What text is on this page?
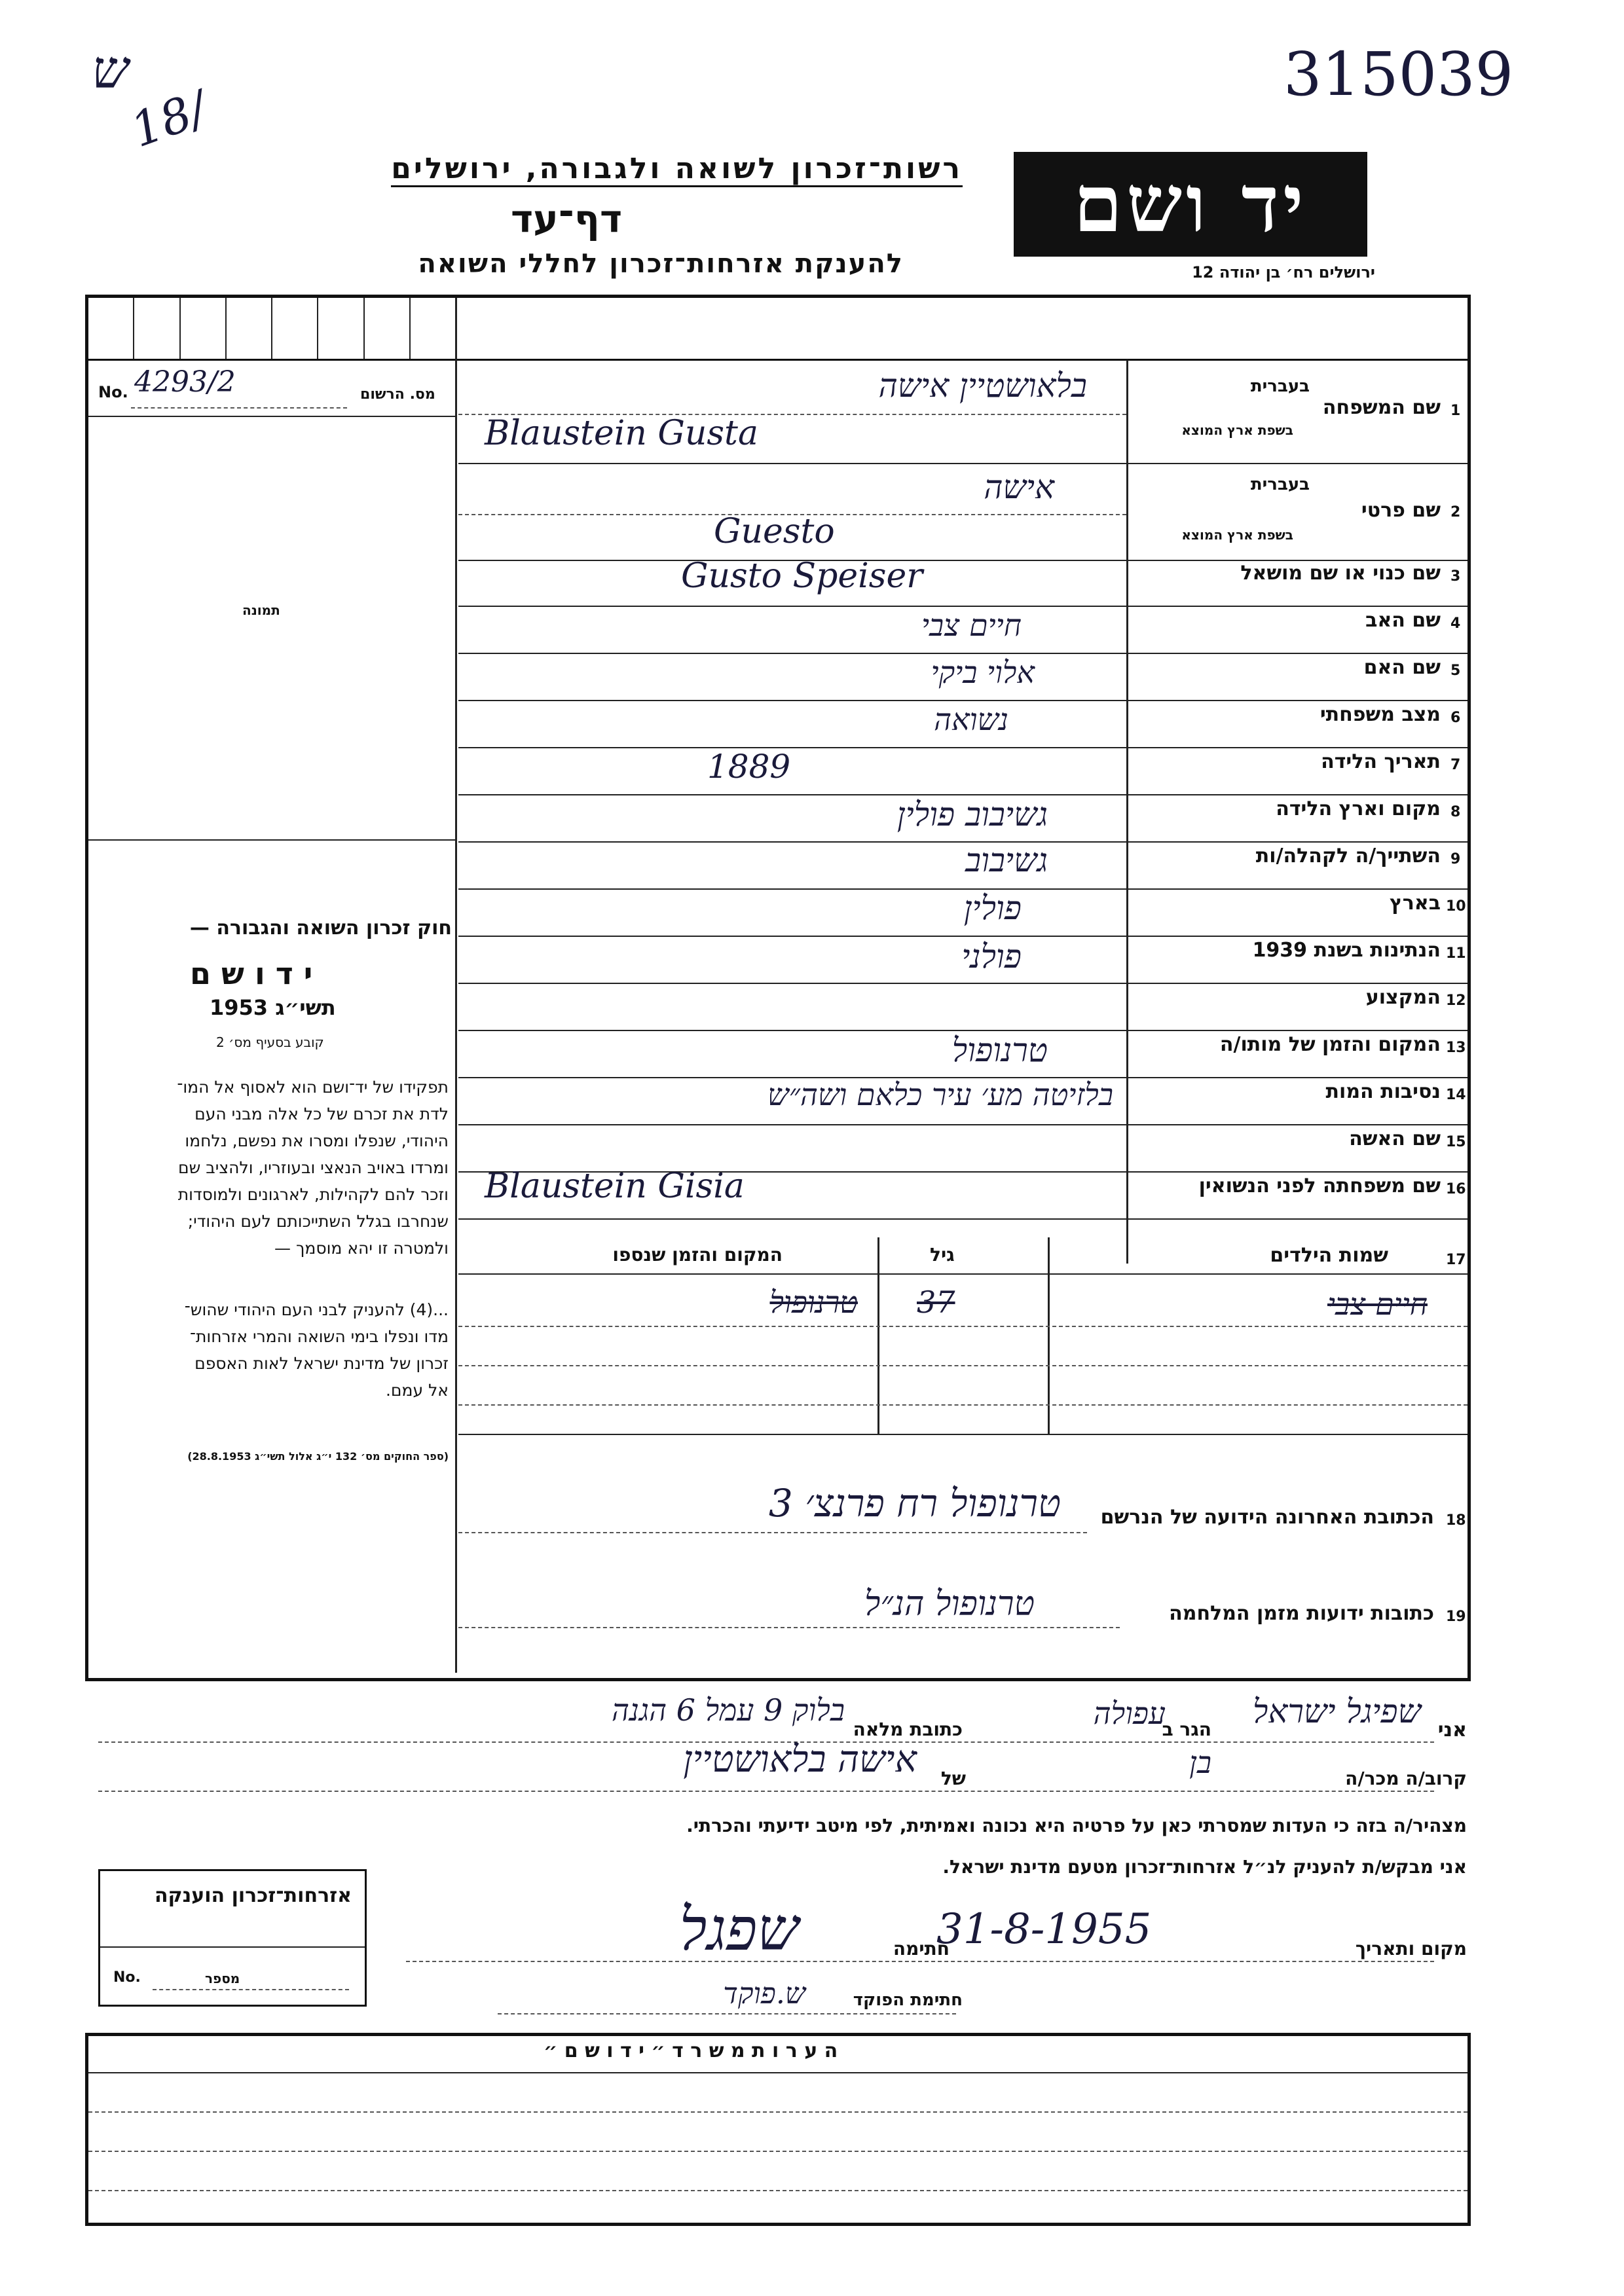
ש
18/
315039
רשות־זכרון לשואה ולגבורה, ירושלים
דף־עד
להענקת אזרחות־זכרון לחללי השואה
יד ושם
ירושלים רח׳ בן יהודה 12
No. 4293/2	מס. הרשום
תמונה
חוק זכרון השואה והגבורה —
י ד ו ש ם
תשי״ג 1953
קובע בסעיף מס׳ 2
תפקידו של יד־ושם הוא לאסוף אל המו־
לדת את זכרם של כל אלה מבני העם
היהודי, שנפלו ומסרו את נפשם, נלחמו
ומרדו באויב הנאצי ובעוזריו, ולהציב שם
וזכר להם לקהילות, לארגונים ולמוסדות
שנחרבו בגלל השתייכותם לעם היהודי;
ולמטרה זו יהא מוסמך —
...(4) להעניק לבני העם היהודי שהוש־
מדו ונפלו בימי השואה והמרי אזרחות־
זכרון של מדינת ישראל לאות האספם
אל עמם.
(ספר החוקים מס׳ 132 י״ג אלול תשי״ג 28.8.1953)
1
שם המשפחה
בעברית
בשפת ארץ המוצא
בלאושטיין אישה
Blaustein Gusta
2
שם פרטי
בעברית
בשפת ארץ המוצא
אישה
Guesto
3
שם כנוי או שם מושאל
Gusto Speiser
4
שם האב
חיים צבי
5
שם האם
אלוי ביקי
6
מצב משפחתי
נשואה
7
תאריך הלידה
1889
8
מקום וארץ הלידה
גשיבוב פולין
9
השתייך/ה לקהלה/ות
גשיבוב
10
בארץ
פולין
11
הנתינות בשנת 1939
פולני
12
המקצוע
13
המקום והזמן של מותו/ה
טרנופול
14
נסיבות המות
בלזיטה מע׳ עיר כלאם ושה״ש
15
שם האשה
16
שם משפחתה לפני הנשואין
Blaustein Gisia
17
שמות הילדים
גיל
המקום והזמן שנספו
חיים צבי
37
טרנופול
18
הכתובת האחרונה הידועה של הנרשם
טרנופול רח פרנצ׳ 3
19
כתובות ידועות מזמן המלחמה
טרנופול הנ״ל
אני
שפיגל ישראל
הגר ב
עפולה
כתובת מלאה
בלוק 9 עמל 6 הגנה
קרוב/ה מכר/ה
בן
של
אישה בלאושטיין
מצהיר/ה בזה כי העדות שמסרתי כאן על פרטיה היא נכונה ואמיתית, לפי מיטב ידיעתי והכרתי.
אני מבקש/ת להעניק לנ״ל אזרחות־זכרון מטעם מדינת ישראל.
מקום ותאריך
31-8-1955
חתימה
שפגל
חתימת הפוקד
ש.פוקד
אזרחות־זכרון הוענקה
No.	מספר
ה ע ר ו ת מ ש ר ד ״ י ד ו ש ם ״
